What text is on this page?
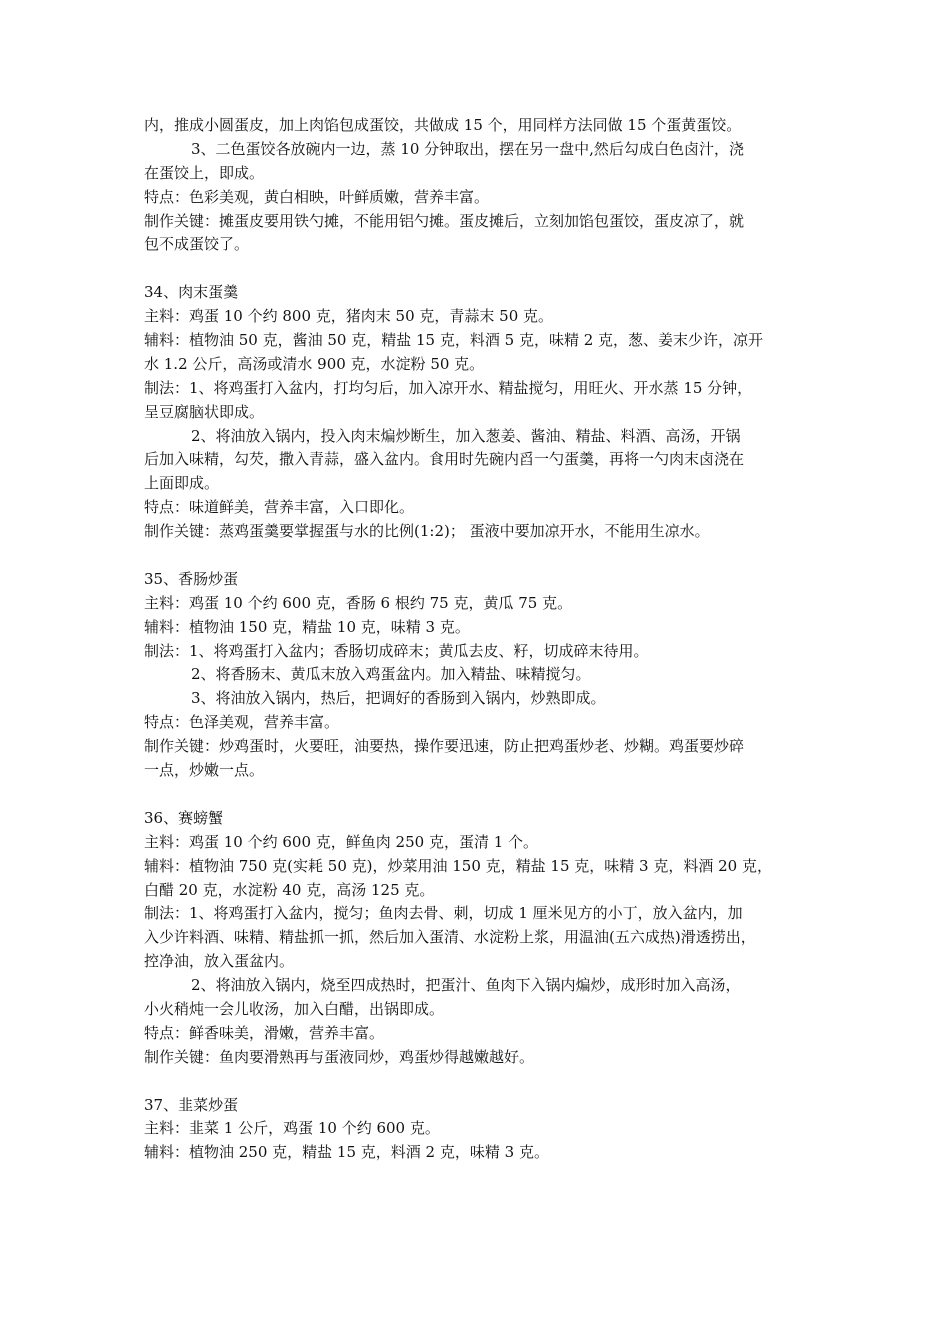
内，推成小圆蛋皮，加上肉馅包成蛋饺，共做成 15 个，用同样方法同做 15 个蛋黄蛋饺。
3、二色蛋饺各放碗内一边，蒸 10 分钟取出，摆在另一盘中,然后勾成白色卤汁，浇
在蛋饺上，即成。
特点：色彩美观，黄白相映，叶鲜质嫩，营养丰富。
制作关键：摊蛋皮要用铁勺摊，不能用铝勺摊。蛋皮摊后，立刻加馅包蛋饺，蛋皮凉了，就
包不成蛋饺了。
34、肉末蛋羹
主料：鸡蛋 10 个约 800 克，猪肉末 50 克，青蒜末 50 克。
辅料：植物油 50 克，酱油 50 克，精盐 15 克，料酒 5 克，味精 2 克，葱、姜末少许，凉开
水 1.2 公斤，高汤或清水 900 克，水淀粉 50 克。
制法：1、将鸡蛋打入盆内，打均匀后，加入凉开水、精盐搅匀，用旺火、开水蒸 15 分钟，
呈豆腐脑状即成。
2、将油放入锅内，投入肉末煸炒断生，加入葱姜、酱油、精盐、料酒、高汤，开锅
后加入味精，勾芡，撒入青蒜，盛入盆内。食用时先碗内舀一勺蛋羹，再将一勺肉末卤浇在
上面即成。
特点：味道鲜美，营养丰富，入口即化。
制作关键：蒸鸡蛋羹要掌握蛋与水的比例(1:2)； 蛋液中要加凉开水，不能用生凉水。
35、香肠炒蛋
主料：鸡蛋 10 个约 600 克，香肠 6 根约 75 克，黄瓜 75 克。
辅料：植物油 150 克，精盐 10 克，味精 3 克。
制法：1、将鸡蛋打入盆内；香肠切成碎末；黄瓜去皮、籽，切成碎末待用。
2、将香肠末、黄瓜末放入鸡蛋盆内。加入精盐、味精搅匀。
3、将油放入锅内，热后，把调好的香肠到入锅内，炒熟即成。
特点：色泽美观，营养丰富。
制作关键：炒鸡蛋时，火要旺，油要热，操作要迅速，防止把鸡蛋炒老、炒糊。鸡蛋要炒碎
一点，炒嫩一点。
36、赛螃蟹
主料：鸡蛋 10 个约 600 克，鲜鱼肉 250 克，蛋清 1 个。
辅料：植物油 750 克(实耗 50 克)，炒菜用油 150 克，精盐 15 克，味精 3 克，料酒 20 克，
白醋 20 克，水淀粉 40 克，高汤 125 克。
制法：1、将鸡蛋打入盆内，搅匀；鱼肉去骨、刺，切成 1 厘米见方的小丁，放入盆内，加
入少许料酒、味精、精盐抓一抓，然后加入蛋清、水淀粉上浆，用温油(五六成热)滑透捞出，
控净油，放入蛋盆内。
2、将油放入锅内，烧至四成热时，把蛋汁、鱼肉下入锅内煸炒，成形时加入高汤，
小火稍炖一会儿收汤，加入白醋，出锅即成。
特点：鲜香味美，滑嫩，营养丰富。
制作关键：鱼肉要滑熟再与蛋液同炒，鸡蛋炒得越嫩越好。
37、韭菜炒蛋
主料：韭菜 1 公斤，鸡蛋 10 个约 600 克。
辅料：植物油 250 克，精盐 15 克，料酒 2 克，味精 3 克。
